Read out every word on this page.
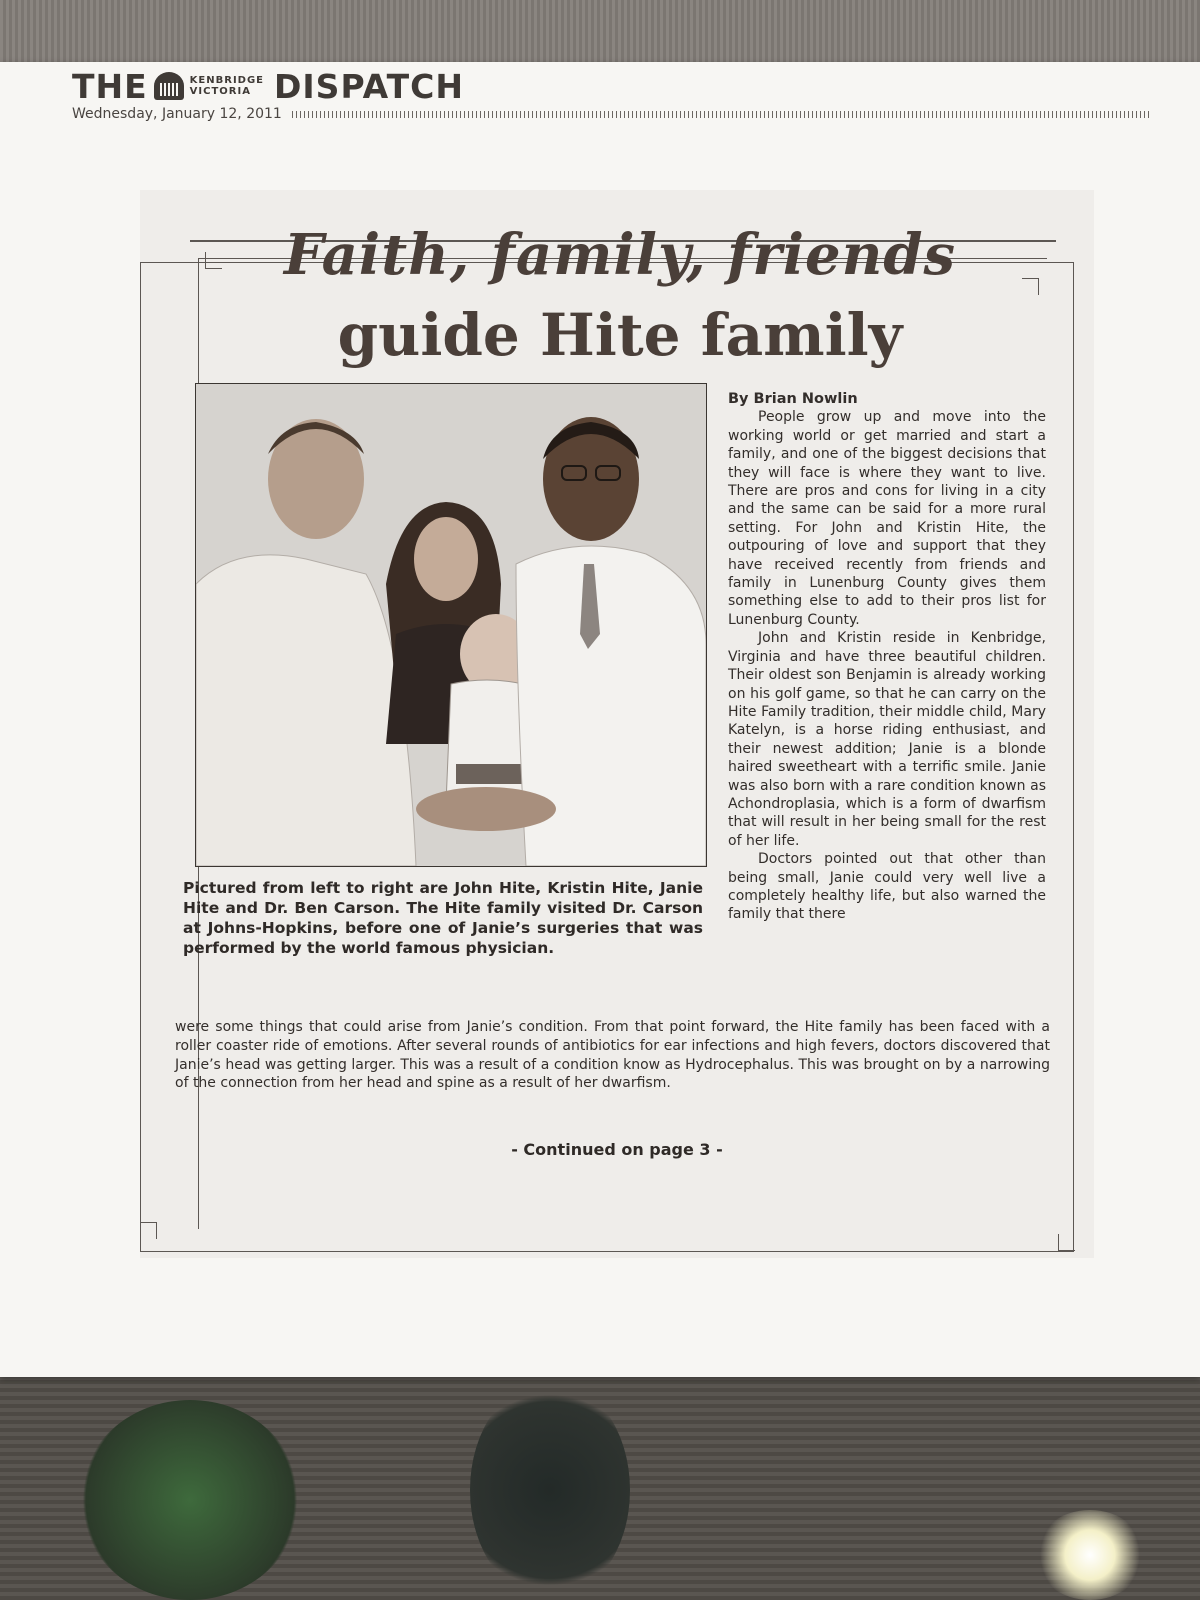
THE	KENBRIDGE
VICTORIA DISPATCH
Wednesday, January 12, 2011
Faith, family, friends
guide Hite family
Pictured from left to right are John Hite, Kristin Hite, Janie Hite and Dr. Ben Carson. The Hite family visited Dr. Carson at Johns-Hopkins, before one of Janie’s surgeries that was performed by the world famous physician.
By Brian Nowlin

People grow up and move into the working world or get married and start a family, and one of the biggest decisions that they will face is where they want to live. There are pros and cons for living in a city and the same can be said for a more rural setting. For John and Kristin Hite, the outpouring of love and support that they have received recently from friends and family in Lunenburg County gives them something else to add to their pros list for Lunenburg County.

John and Kristin reside in Kenbridge, Virginia and have three beautiful children. Their oldest son Benjamin is already working on his golf game, so that he can carry on the Hite Family tradition, their middle child, Mary Katelyn, is a horse riding enthusiast, and their newest addition; Janie is a blonde haired sweetheart with a terrific smile. Janie was also born with a rare condition known as Achondroplasia, which is a form of dwarfism that will result in her being small for the rest of her life.

Doctors pointed out that other than being small, Janie could very well live a completely healthy life, but also warned the family that there

were some things that could arise from Janie’s condition. From that point forward, the Hite family has been faced with a roller coaster ride of emotions. After several rounds of antibiotics for ear infections and high fevers, doctors discovered that Janie’s head was getting larger. This was a result of a condition know as Hydrocephalus. This was brought on by a narrowing of the connection from her head and spine as a result of her dwarfism.
- Continued on page 3 -
